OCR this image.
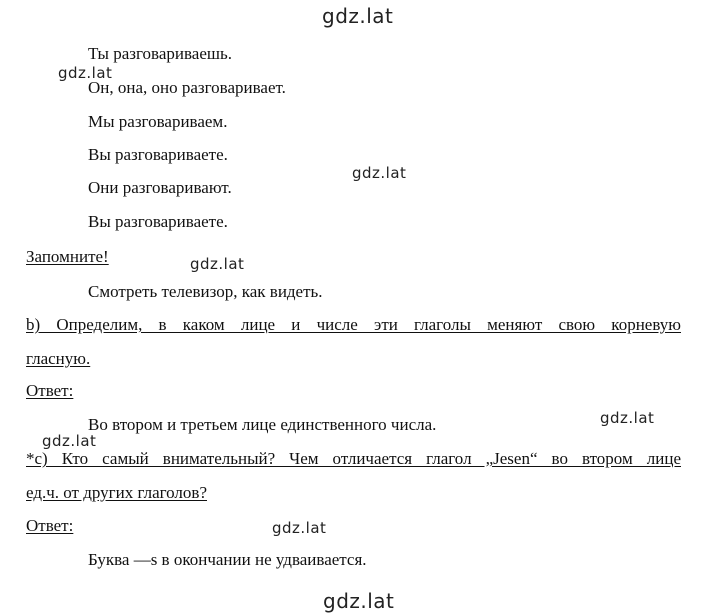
gdz.lat
gdz.lat
gdz.lat
gdz.lat
gdz.lat
gdz.lat
gdz.lat
gdz.lat
Ты разговариваешь.
Он, она, оно разговаривает.
Мы разговариваем.
Вы разговариваете.
Они разговаривают.
Вы разговариваете.
Запомните!
Смотреть телевизор, как видеть.
b) Определим, в каком лице и числе эти глаголы меняют свою корневую
гласную.
Ответ:
Во втором и третьем лице единственного числа.
*c) Кто самый внимательный? Чем отличается глагол „Jesen“ во втором лице
ед.ч. от других глаголов?
Ответ:
Буква —s в окончании не удваивается.
